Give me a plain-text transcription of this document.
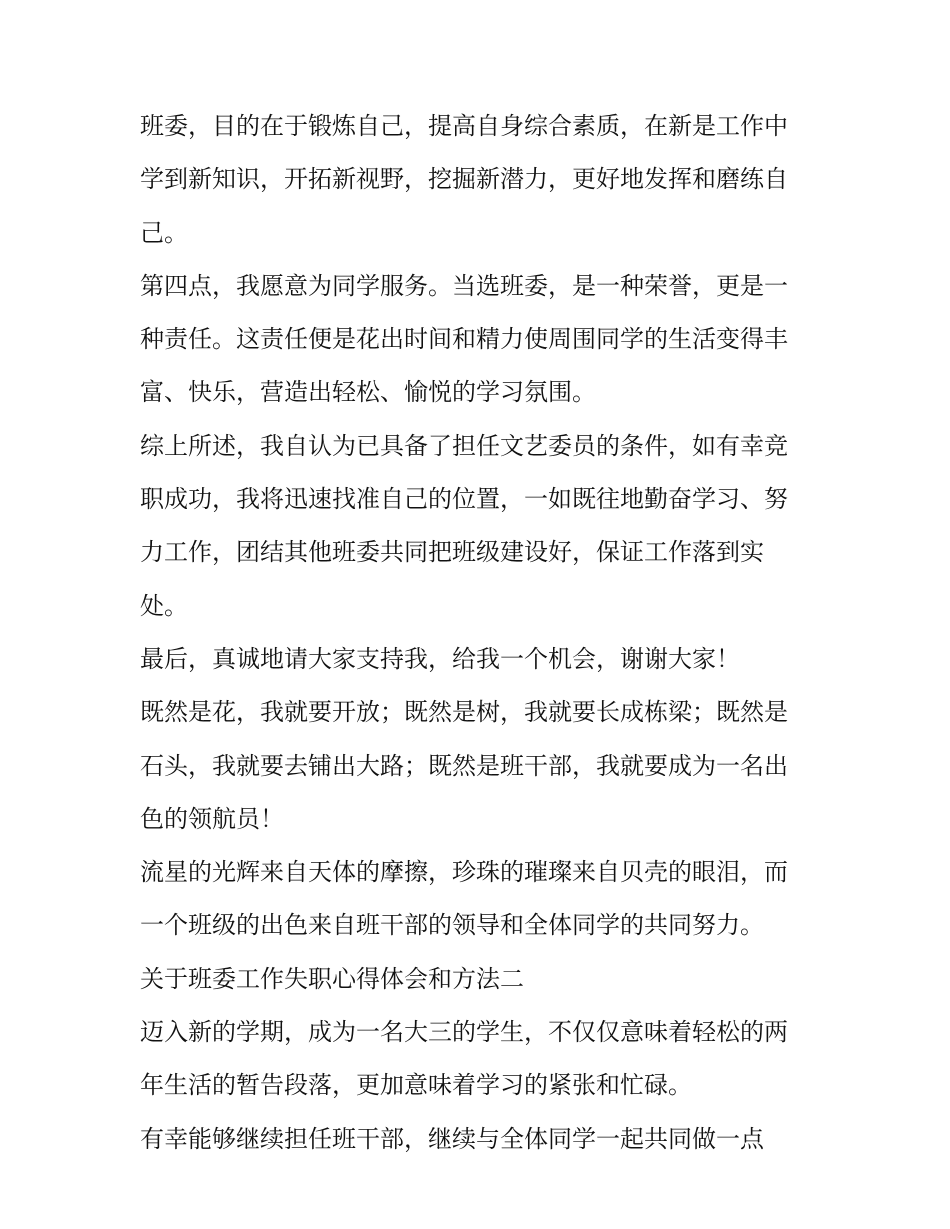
班委，目的在于锻炼自己，提高自身综合素质，在新是工作中
学到新知识，开拓新视野，挖掘新潜力，更好地发挥和磨练自
己。
第四点，我愿意为同学服务。当选班委，是一种荣誉，更是一
种责任。这责任便是花出时间和精力使周围同学的生活变得丰
富、快乐，营造出轻松、愉悦的学习氛围。
综上所述，我自认为已具备了担任文艺委员的条件，如有幸竞
职成功，我将迅速找准自己的位置，一如既往地勤奋学习、努
力工作，团结其他班委共同把班级建设好，保证工作落到实
处。
最后，真诚地请大家支持我，给我一个机会，谢谢大家！
既然是花，我就要开放；既然是树，我就要长成栋梁；既然是
石头，我就要去铺出大路；既然是班干部，我就要成为一名出
色的领航员！
流星的光辉来自天体的摩擦，珍珠的璀璨来自贝壳的眼泪，而
一个班级的出色来自班干部的领导和全体同学的共同努力。
关于班委工作失职心得体会和方法二
迈入新的学期，成为一名大三的学生，不仅仅意味着轻松的两
年生活的暂告段落，更加意味着学习的紧张和忙碌。
有幸能够继续担任班干部，继续与全体同学一起共同做一点
